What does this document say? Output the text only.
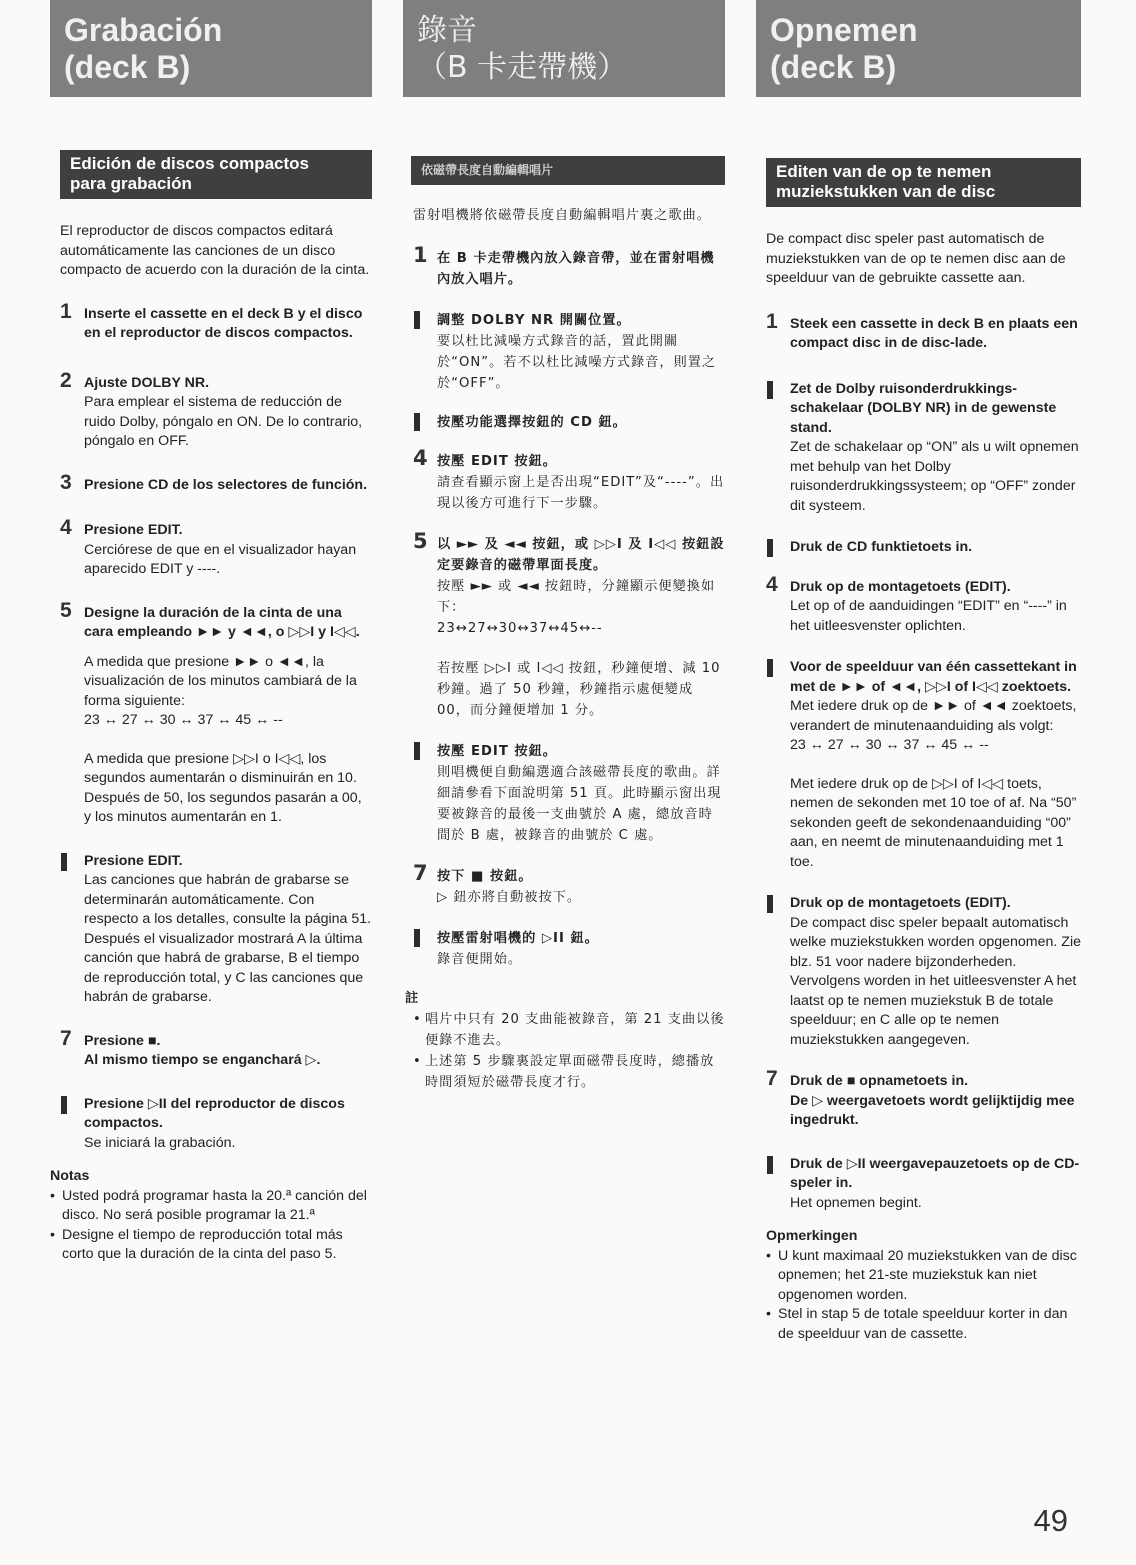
Grabación
(deck B)
Edición de discos compactos
para grabación
El reproductor de discos compactos editará automáticamente las canciones de un disco compacto de acuerdo con la duración de la cinta.
1 Inserte el cassette en el deck B y el disco en el reproductor de discos compactos.
2 Ajuste DOLBY NR.
Para emplear el sistema de reducción de ruido Dolby, póngalo en ON. De lo contrario, póngalo en OFF.
3 Presione CD de los selectores de función.
4 Presione EDIT.
Cerciórese de que en el visualizador hayan aparecido EDIT y ----.
5 Designe la duración de la cinta de una cara empleando ►► y ◄◄, o ▷▷I y I◁◁.
A medida que presione ►► o ◄◄, la visualización de los minutos cambiará de la forma siguiente:
23 ↔ 27 ↔ 30 ↔ 37 ↔ 45 ↔ --
A medida que presione ▷▷I o I◁◁, los segundos aumentarán o disminuirán en 10. Después de 50, los segundos pasarán a 00, y los minutos aumentarán en 1.
Presione EDIT.
Las canciones que habrán de grabarse se determinarán automáticamente. Con respecto a los detalles, consulte la página 51.
Después el visualizador mostrará A la última canción que habrá de grabarse, B el tiempo de reproducción total, y C las canciones que habrán de grabarse.
7 Presione ■.
Al mismo tiempo se enganchará ▷.
Presione ▷II del reproductor de discos compactos.
Se iniciará la grabación.
Notas
• Usted podrá programar hasta la 20.ª canción del disco. No será posible programar la 21.ª
• Designe el tiempo de reproducción total más corto que la duración de la cinta del paso 5.
錄音
（B 卡走帶機）
依磁帶長度自動編輯唱片
雷射唱機將依磁帶長度自動編輯唱片裏之歌曲。
1 在 B 卡走帶機內放入錄音帶，並在雷射唱機內放入唱片。
調整 DOLBY NR 開關位置。
要以杜比減噪方式錄音的話，置此開關於“ON”。若不以杜比減噪方式錄音，則置之於“OFF”。
按壓功能選擇按鈕的 CD 鈕。
4 按壓 EDIT 按鈕。
請查看顯示窗上是否出現“EDIT”及“----”。出現以後方可進行下一步驟。
5 以 ►► 及 ◄◄ 按鈕，或 ▷▷I 及 I◁◁ 按鈕設定要錄音的磁帶單面長度。
按壓 ►► 或 ◄◄ 按鈕時，分鐘顯示便變換如下：
23↔27↔30↔37↔45↔--
若按壓 ▷▷I 或 I◁◁ 按鈕，秒鐘便增、減 10 秒鐘。過了 50 秒鐘，秒鐘指示處便變成00，而分鐘便增加 1 分。
按壓 EDIT 按鈕。
則唱機便自動編選適合該磁帶長度的歌曲。詳細請參看下面說明第 51 頁。此時顯示窗出現要被錄音的最後一支曲號於 A 處，總放音時間於 B 處，被錄音的曲號於 C 處。
7 按下 ■ 按鈕。
▷ 鈕亦將自動被按下。
按壓雷射唱機的 ▷II 鈕。
錄音便開始。
註
• 唱片中只有 20 支曲能被錄音，第 21 支曲以後便錄不進去。
• 上述第 5 步驟裏設定單面磁帶長度時，總播放時間須短於磁帶長度才行。
Opnemen
(deck B)
Editen van de op te nemen
muziekstukken van de disc
De compact disc speler past automatisch de muziekstukken van de op te nemen disc aan de speelduur van de gebruikte cassette aan.
1 Steek een cassette in deck B en plaats een compact disc in de disc-lade.
Zet de Dolby ruisonderdrukkings-schakelaar (DOLBY NR) in de gewenste stand.
Zet de schakelaar op “ON” als u wilt opnemen met behulp van het Dolby ruisonderdrukkingssysteem; op “OFF” zonder dit systeem.
Druk de CD funktietoets in.
4 Druk op de montagetoets (EDIT).
Let op of de aanduidingen “EDIT” en “----” in het uitleesvenster oplichten.
Voor de speelduur van één cassettekant in met de ►► of ◄◄, ▷▷I of I◁◁ zoektoets.
Met iedere druk op de ►► of ◄◄ zoektoets, verandert de minutenaanduiding als volgt:
23 ↔ 27 ↔ 30 ↔ 37 ↔ 45 ↔ --
Met iedere druk op de ▷▷I of I◁◁ toets, nemen de sekonden met 10 toe of af. Na “50” sekonden geeft de sekondenaanduiding “00” aan, en neemt de minutenaanduiding met 1 toe.
Druk op de montagetoets (EDIT).
De compact disc speler bepaalt automatisch welke muziekstukken worden opgenomen. Zie blz. 51 voor nadere bijzonderheden.
Vervolgens worden in het uitleesvenster A het laatst op te nemen muziekstuk B de totale speelduur; en C alle op te nemen muziekstukken aangegeven.
7 Druk de ■ opnametoets in.
De ▷ weergavetoets wordt gelijktijdig mee ingedrukt.
Druk de ▷II weergavepauzetoets op de CD-speler in.
Het opnemen begint.
Opmerkingen
• U kunt maximaal 20 muziekstukken van de disc opnemen; het 21-ste muziekstuk kan niet opgenomen worden.
• Stel in stap 5 de totale speelduur korter in dan de speelduur van de cassette.
49
